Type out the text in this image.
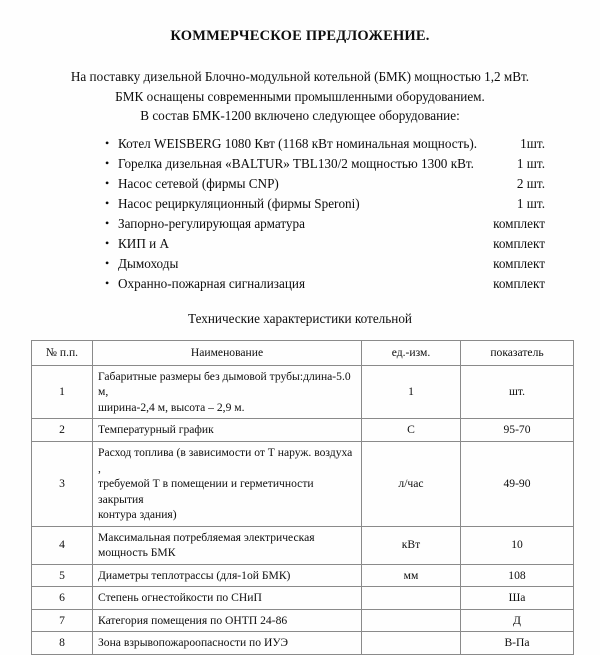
КОММЕРЧЕСКОЕ ПРЕДЛОЖЕНИЕ.
На поставку дизельной Блочно-модульной котельной (БМК) мощностью 1,2 мВт.
БМК оснащены современными промышленными оборудованием.
В состав БМК-1200 включено следующее оборудование:
• Котел WEISBERG 1080 Квт (1168 кВт номинальная мощность).	1шт.
• Горелка дизельная «BALTUR» TBL130/2 мощностью 1300 кВт.	1 шт.
• Насос сетевой (фирмы CNP)	2 шт.
• Насос рециркуляционный (фирмы Speroni)	1 шт.
• Запорно-регулирующая арматура	комплект
• КИП и А	комплект
• Дымоходы	комплект
• Охранно-пожарная сигнализация	комплект
Технические характеристики котельной
№ п.п.	Наименование	ед.-изм.	показатель
1	Габаритные размеры без дымовой трубы:длина-5.0 м,
ширина-2,4 м, высота – 2,9 м.	1	шт.
2	Температурный график	C	95-70
3	Расход топлива (в зависимости от Т наруж. воздуха ,
требуемой Т в помещении и герметичности закрытия
контура здания)	л/час	49-90
4	Максимальная потребляемая электрическая
мощность БМК	кВт	10
5	Диаметры теплотрассы (для-1ой БМК)	мм	108
6	Степень огнестойкости по СНиП		Ша
7	Категория помещения по ОНТП 24-86		Д
8	Зона взрывопожароопасности по ИУЭ		В-Па
